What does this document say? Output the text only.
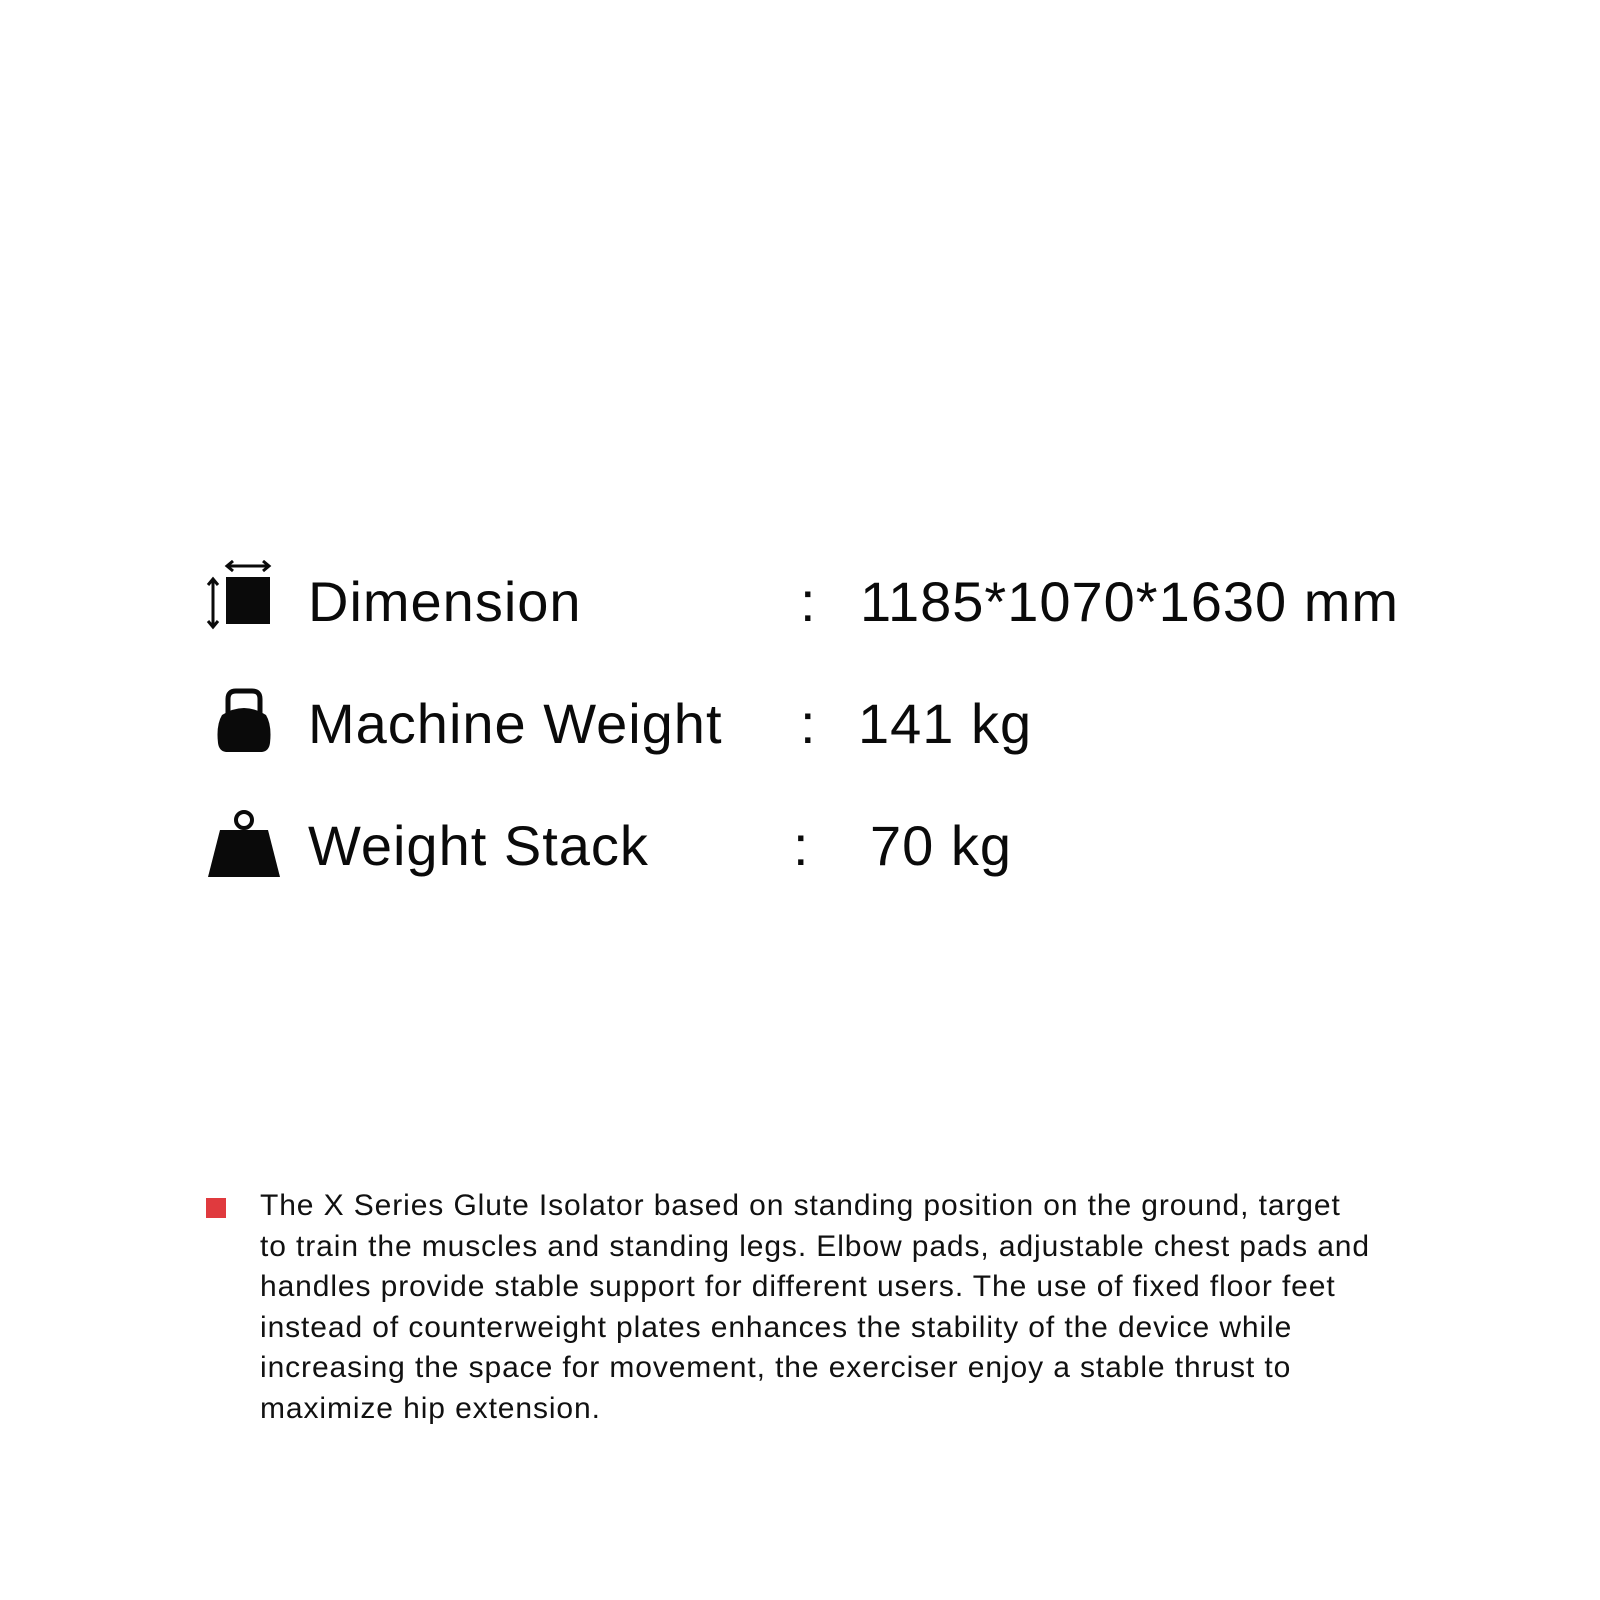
Dimension	: 1185*1070*1630 mm
Machine Weight : 141 kg
Weight Stack	: 70 kg
The X Series Glute Isolator based on standing position on the ground, target to train the muscles and standing legs. Elbow pads, adjustable chest pads and handles provide stable support for different users. The use of fixed floor feet instead of counterweight plates enhances the stability of the device while increasing the space for movement, the exerciser enjoy a stable thrust to maximize hip extension.
